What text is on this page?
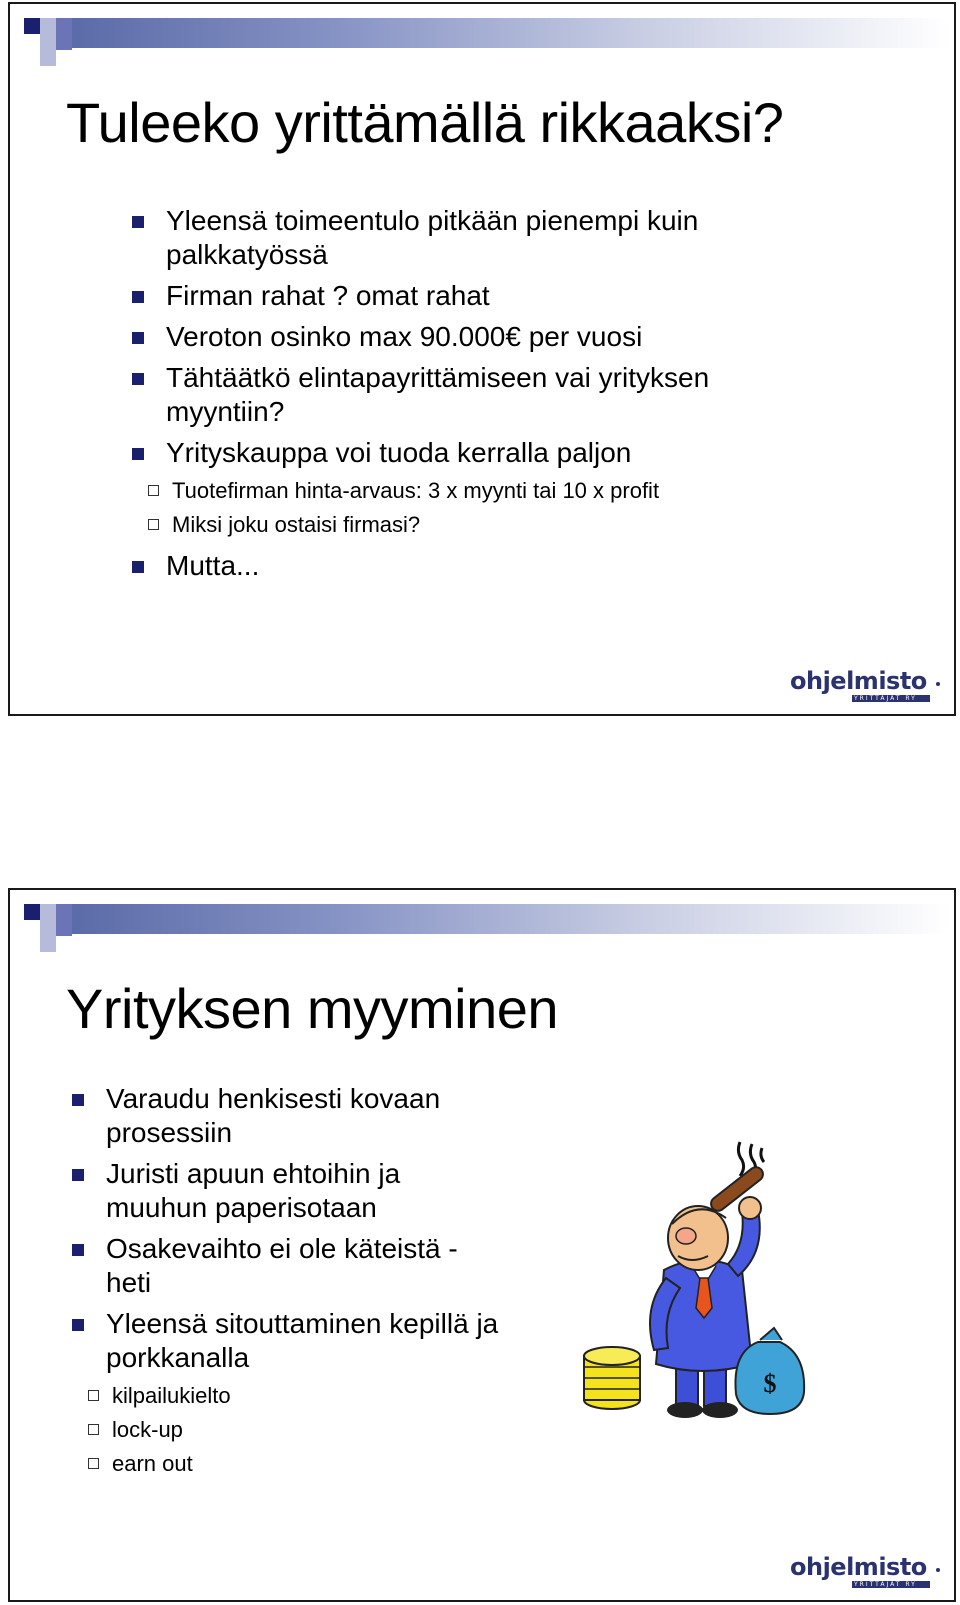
Tuleeko yrittämällä rikkaaksi?
Yleensä toimeentulo pitkään pienempi kuin palkkatyössä
Firman rahat ? omat rahat
Veroton osinko max 90.000€ per vuosi
Tähtäätkö elintapayrittämiseen vai yrityksen myyntiin?
Yrityskauppa voi tuoda kerralla paljon
Tuotefirman hinta-arvaus: 3 x myynti tai 10 x profit
Miksi joku ostaisi firmasi?
Mutta...
ohjelmisto
YRITTÄJÄT RY
Yrityksen myyminen
Varaudu henkisesti kovaan prosessiin
Juristi apuun ehtoihin ja muuhun paperisotaan
Osakevaihto ei ole käteistä - heti
Yleensä sitouttaminen kepillä ja porkkanalla
kilpailukielto
lock-up
earn out
$
ohjelmisto
YRITTÄJÄT RY
